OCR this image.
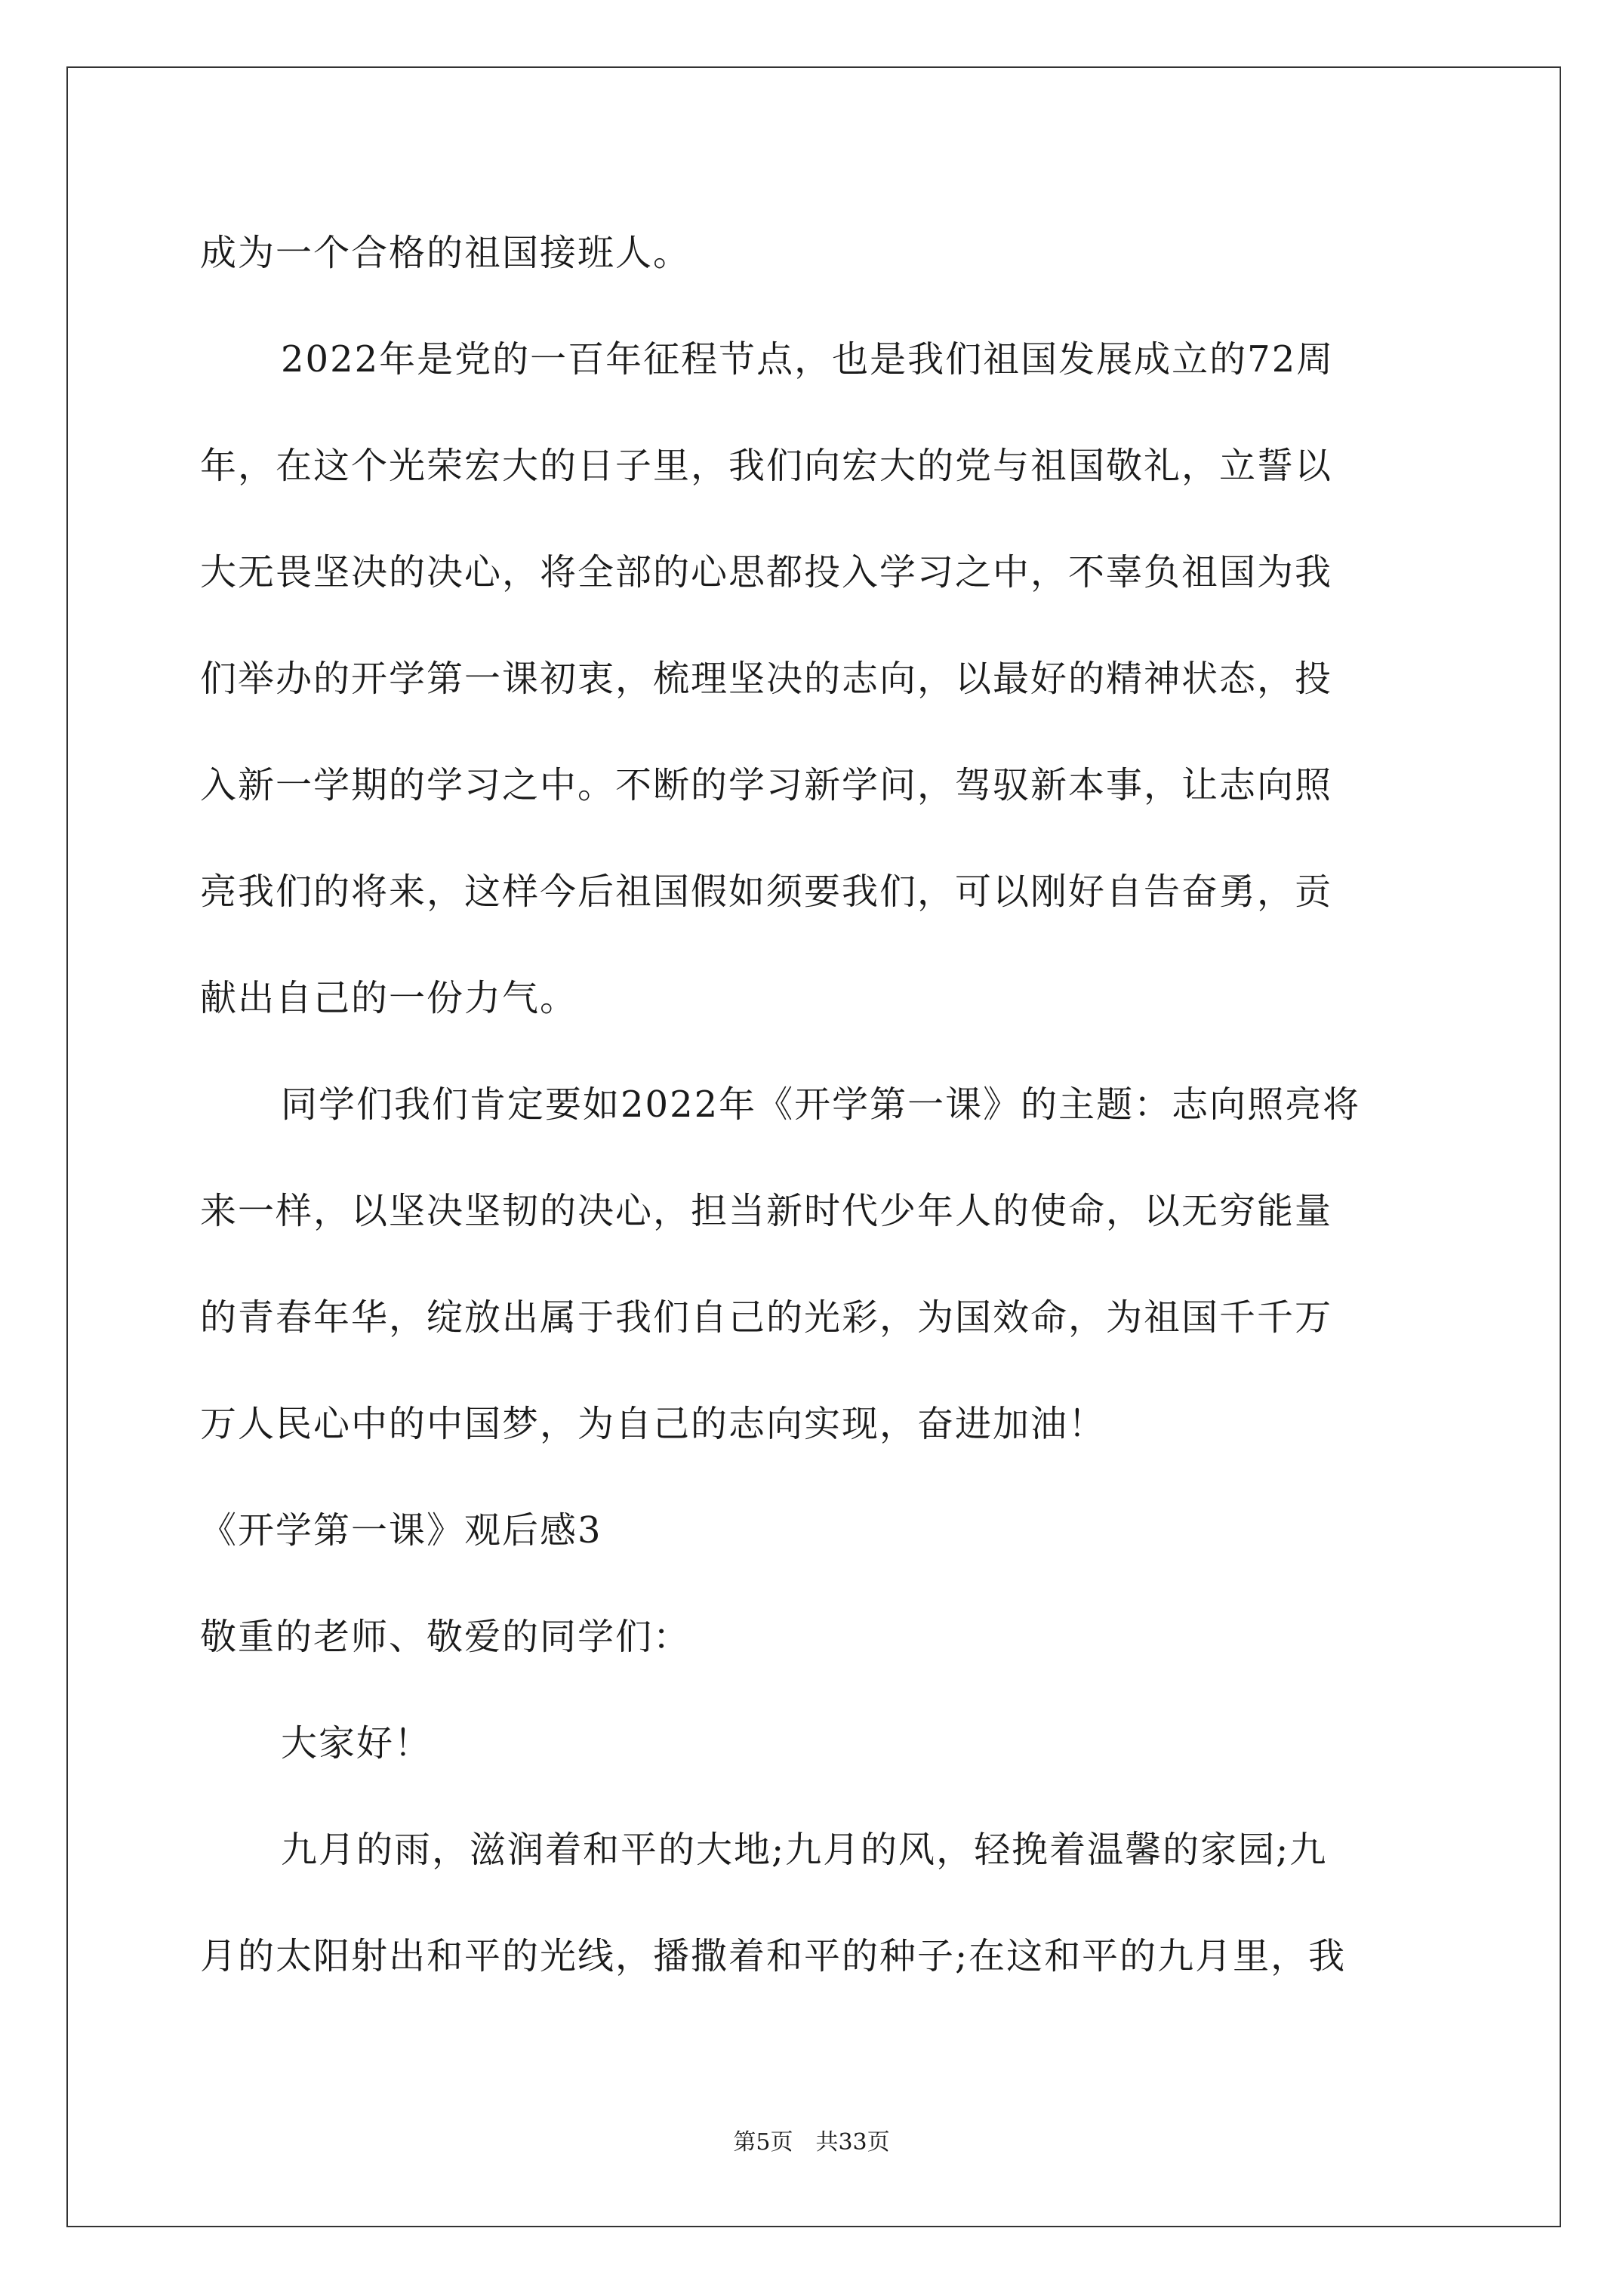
成为一个合格的祖国接班人。
2022年是党的一百年征程节点，也是我们祖国发展成立的72周
年，在这个光荣宏大的日子里，我们向宏大的党与祖国敬礼，立誓以
大无畏坚决的决心，将全部的心思都投入学习之中，不辜负祖国为我
们举办的开学第一课初衷，梳理坚决的志向，以最好的精神状态，投
入新一学期的学习之中。不断的学习新学问，驾驭新本事，让志向照
亮我们的将来，这样今后祖国假如须要我们，可以刚好自告奋勇，贡
献出自己的一份力气。
同学们我们肯定要如2022年《开学第一课》的主题：志向照亮将
来一样，以坚决坚韧的决心，担当新时代少年人的使命，以无穷能量
的青春年华，绽放出属于我们自己的光彩，为国效命，为祖国千千万
万人民心中的中国梦，为自己的志向实现，奋进加油！
《开学第一课》观后感3
敬重的老师、敬爱的同学们：
大家好！
九月的雨，滋润着和平的大地;九月的风，轻挽着温馨的家园;九
月的太阳射出和平的光线，播撒着和平的种子;在这和平的九月里，我
第5页　共33页
